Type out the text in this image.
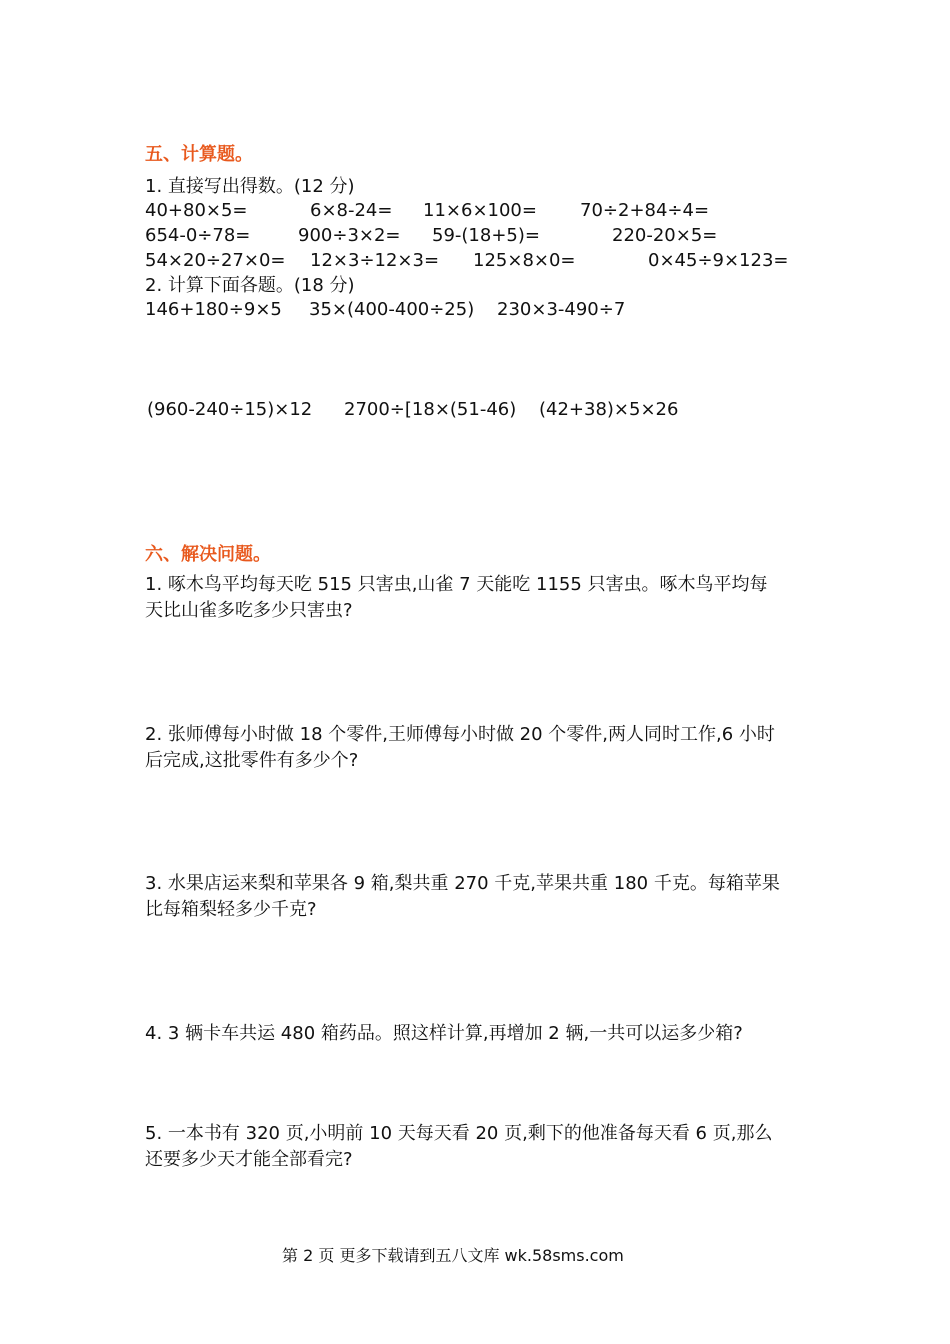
五、计算题。
1. 直接写出得数。(12 分)
40+80×5=	6×8-24= 11×6×100= 70÷2+84÷4=
654-0÷78=	900÷3×2= 59-(18+5)=	220-20×5=
54×20÷27×0= 12×3÷12×3= 125×8×0=	0×45÷9×123=
2. 计算下面各题。(18 分)
146+180÷9×5 35×(400-400÷25) 230×3-490÷7
(960-240÷15)×12 2700÷[18×(51-46) (42+38)×5×26
六、解决问题。
1. 啄木鸟平均每天吃 515 只害虫,山雀 7 天能吃 1155 只害虫。啄木鸟平均每
天比山雀多吃多少只害虫?
2. 张师傅每小时做 18 个零件,王师傅每小时做 20 个零件,两人同时工作,6 小时
后完成,这批零件有多少个?
3. 水果店运来梨和苹果各 9 箱,梨共重 270 千克,苹果共重 180 千克。每箱苹果
比每箱梨轻多少千克?
4. 3 辆卡车共运 480 箱药品。照这样计算,再增加 2 辆,一共可以运多少箱?
5. 一本书有 320 页,小明前 10 天每天看 20 页,剩下的他准备每天看 6 页,那么
还要多少天才能全部看完?
第 2 页 更多下载请到五八文库 wk.58sms.com
